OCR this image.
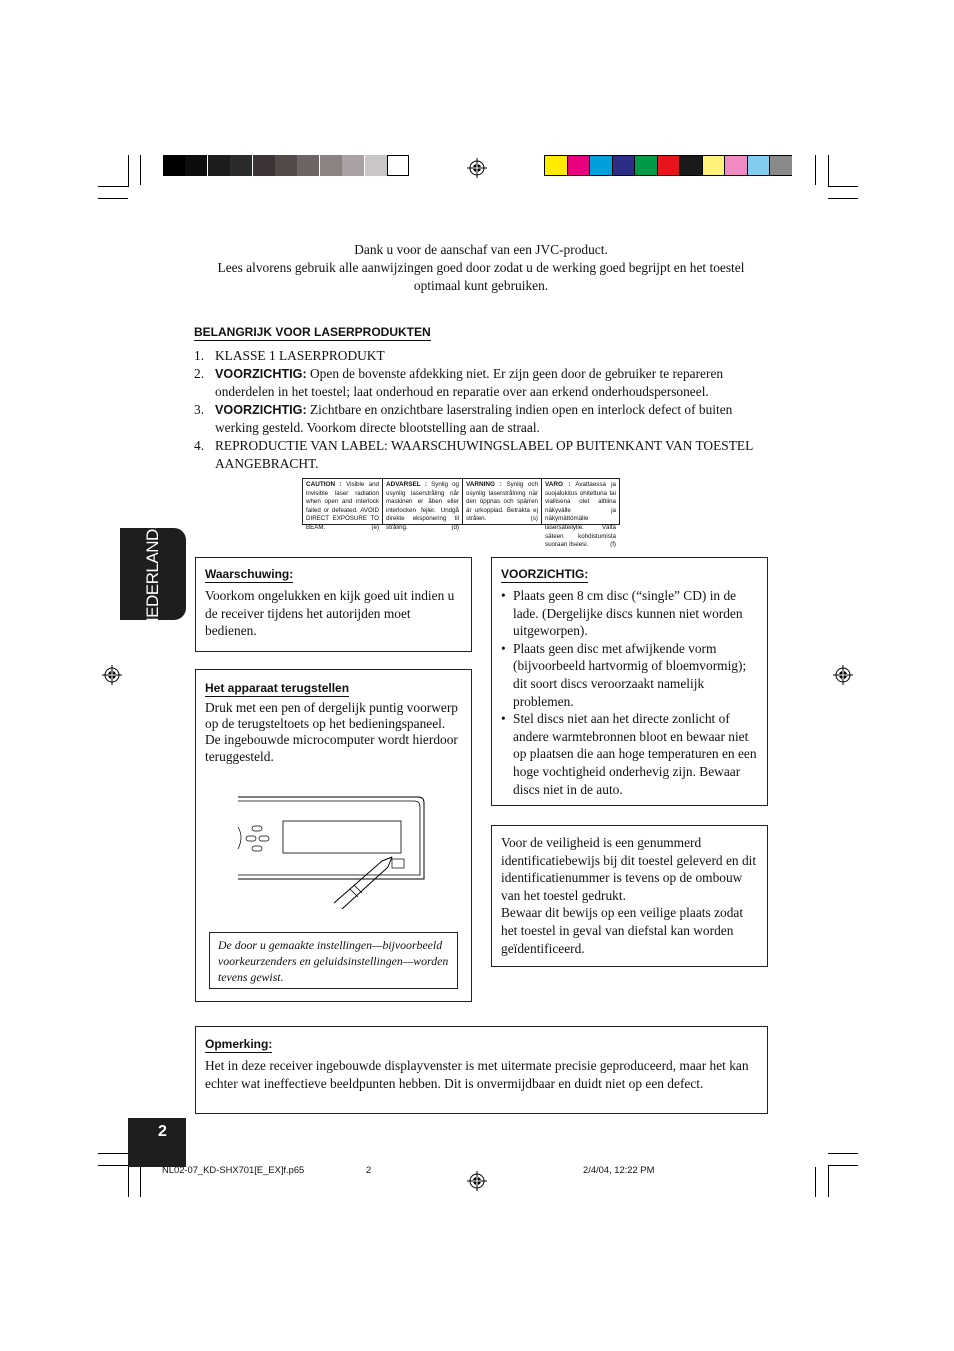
Dank u voor de aanschaf van een JVC-product.
Lees alvorens gebruik alle aanwijzingen goed door zodat u de werking goed begrijpt en het toestel
optimaal kunt gebruiken.
BELANGRIJK VOOR LASERPRODUKTEN
1. KLASSE 1 LASERPRODUKT
2. VOORZICHTIG: Open de bovenste afdekking niet. Er zijn geen door de gebruiker te repareren onderdelen in het toestel; laat onderhoud en reparatie over aan erkend onderhoudspersoneel.
3. VOORZICHTIG: Zichtbare en onzichtbare laserstraling indien open en interlock defect of buiten werking gesteld. Voorkom directe blootstelling aan de straal.
4. REPRODUCTIE VAN LABEL: WAARSCHUWINGSLABEL OP BUITENKANT VAN TOESTEL AANGEBRACHT.
CAUTION : Visible and invisible laser radiation when open and interlock failed or defeated. AVOID DIRECT EXPOSURE TO BEAM.	(e)
ADVARSEL : Synlig og usynlig laserstråling når maskinen er åben eller interlocken fejler. Undgå direkte eksponering til stråling.	(d)
VARNING : Synlig och osynlig laserstrålning när den öppnas och spärren är urkopplad. Betrakta ej strålen.	(s)
VARO : Avattaessa ja suojalukitus ohitettuna tai viallisena olet alttiina näkyvälle ja näkymättömälle lasersäteilylle. Vältä säteen kohdistumista suoraan itseesi.	(f)
NEDERLANDS	Waarschuwing:
Voorkom ongelukken en kijk goed uit indien u de receiver tijdens het autorijden moet bedienen.
Het apparaat terugstellen
Druk met een pen of dergelijk puntig voorwerp op de terugsteltoets op het bedieningspaneel.
De ingebouwde microcomputer wordt hierdoor teruggesteld.
De door u gemaakte instellingen—bijvoorbeeld voorkeurzenders en geluidsinstellingen—worden tevens gewist.
VOORZICHTIG:
• Plaats geen 8 cm disc (“single” CD) in de lade. (Dergelijke discs kunnen niet worden uitgeworpen).
• Plaats geen disc met afwijkende vorm (bijvoorbeeld hartvormig of bloemvormig); dit soort discs veroorzaakt namelijk problemen.
• Stel discs niet aan het directe zonlicht of andere warmtebronnen bloot en bewaar niet op plaatsen die aan hoge temperaturen en een hoge vochtigheid onderhevig zijn. Bewaar discs niet in de auto.
Voor de veiligheid is een genummerd identificatiebewijs bij dit toestel geleverd en dit identificatienummer is tevens op de ombouw van het toestel gedrukt.
Bewaar dit bewijs op een veilige plaats zodat het toestel in geval van diefstal kan worden geïdentificeerd.
Opmerking:
Het in deze receiver ingebouwde displayvenster is met uitermate precisie geproduceerd, maar het kan echter wat ineffectieve beeldpunten hebben. Dit is onvermijdbaar en duidt niet op een defect.
2
NL02-07_KD-SHX701[E_EX]f.p65	2	2/4/04, 12:22 PM
